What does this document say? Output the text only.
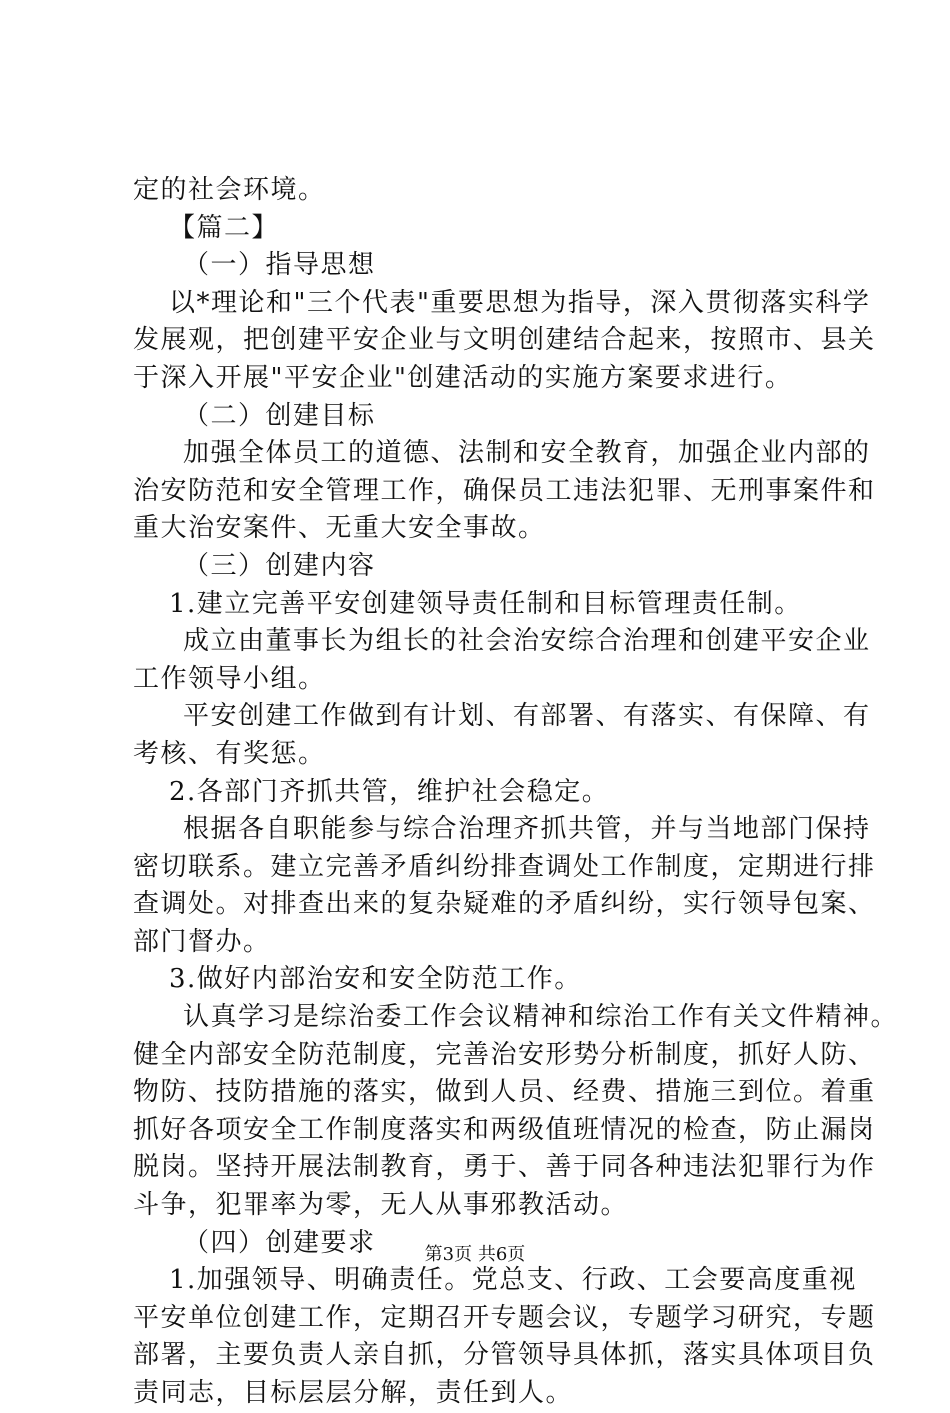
定的社会环境。
【篇二】
（一）指导思想
以*理论和"三个代表"重要思想为指导，深入贯彻落实科学
发展观，把创建平安企业与文明创建结合起来，按照市、县关
于深入开展"平安企业"创建活动的实施方案要求进行。
（二）创建目标
加强全体员工的道德、法制和安全教育，加强企业内部的
治安防范和安全管理工作，确保员工违法犯罪、无刑事案件和
重大治安案件、无重大安全事故。
（三）创建内容
1.建立完善平安创建领导责任制和目标管理责任制。
成立由董事长为组长的社会治安综合治理和创建平安企业
工作领导小组。
平安创建工作做到有计划、有部署、有落实、有保障、有
考核、有奖惩。
2.各部门齐抓共管，维护社会稳定。
根据各自职能参与综合治理齐抓共管，并与当地部门保持
密切联系。建立完善矛盾纠纷排查调处工作制度，定期进行排
查调处。对排查出来的复杂疑难的矛盾纠纷，实行领导包案、
部门督办。
3.做好内部治安和安全防范工作。
认真学习是综治委工作会议精神和综治工作有关文件精神。
健全内部安全防范制度，完善治安形势分析制度，抓好人防、
物防、技防措施的落实，做到人员、经费、措施三到位。着重
抓好各项安全工作制度落实和两级值班情况的检查，防止漏岗
脱岗。坚持开展法制教育，勇于、善于同各种违法犯罪行为作
斗争，犯罪率为零，无人从事邪教活动。
（四）创建要求
1.加强领导、明确责任。党总支、行政、工会要高度重视
平安单位创建工作，定期召开专题会议，专题学习研究，专题
部署，主要负责人亲自抓，分管领导具体抓，落实具体项目负
责同志，目标层层分解，责任到人。
第3页 共6页
